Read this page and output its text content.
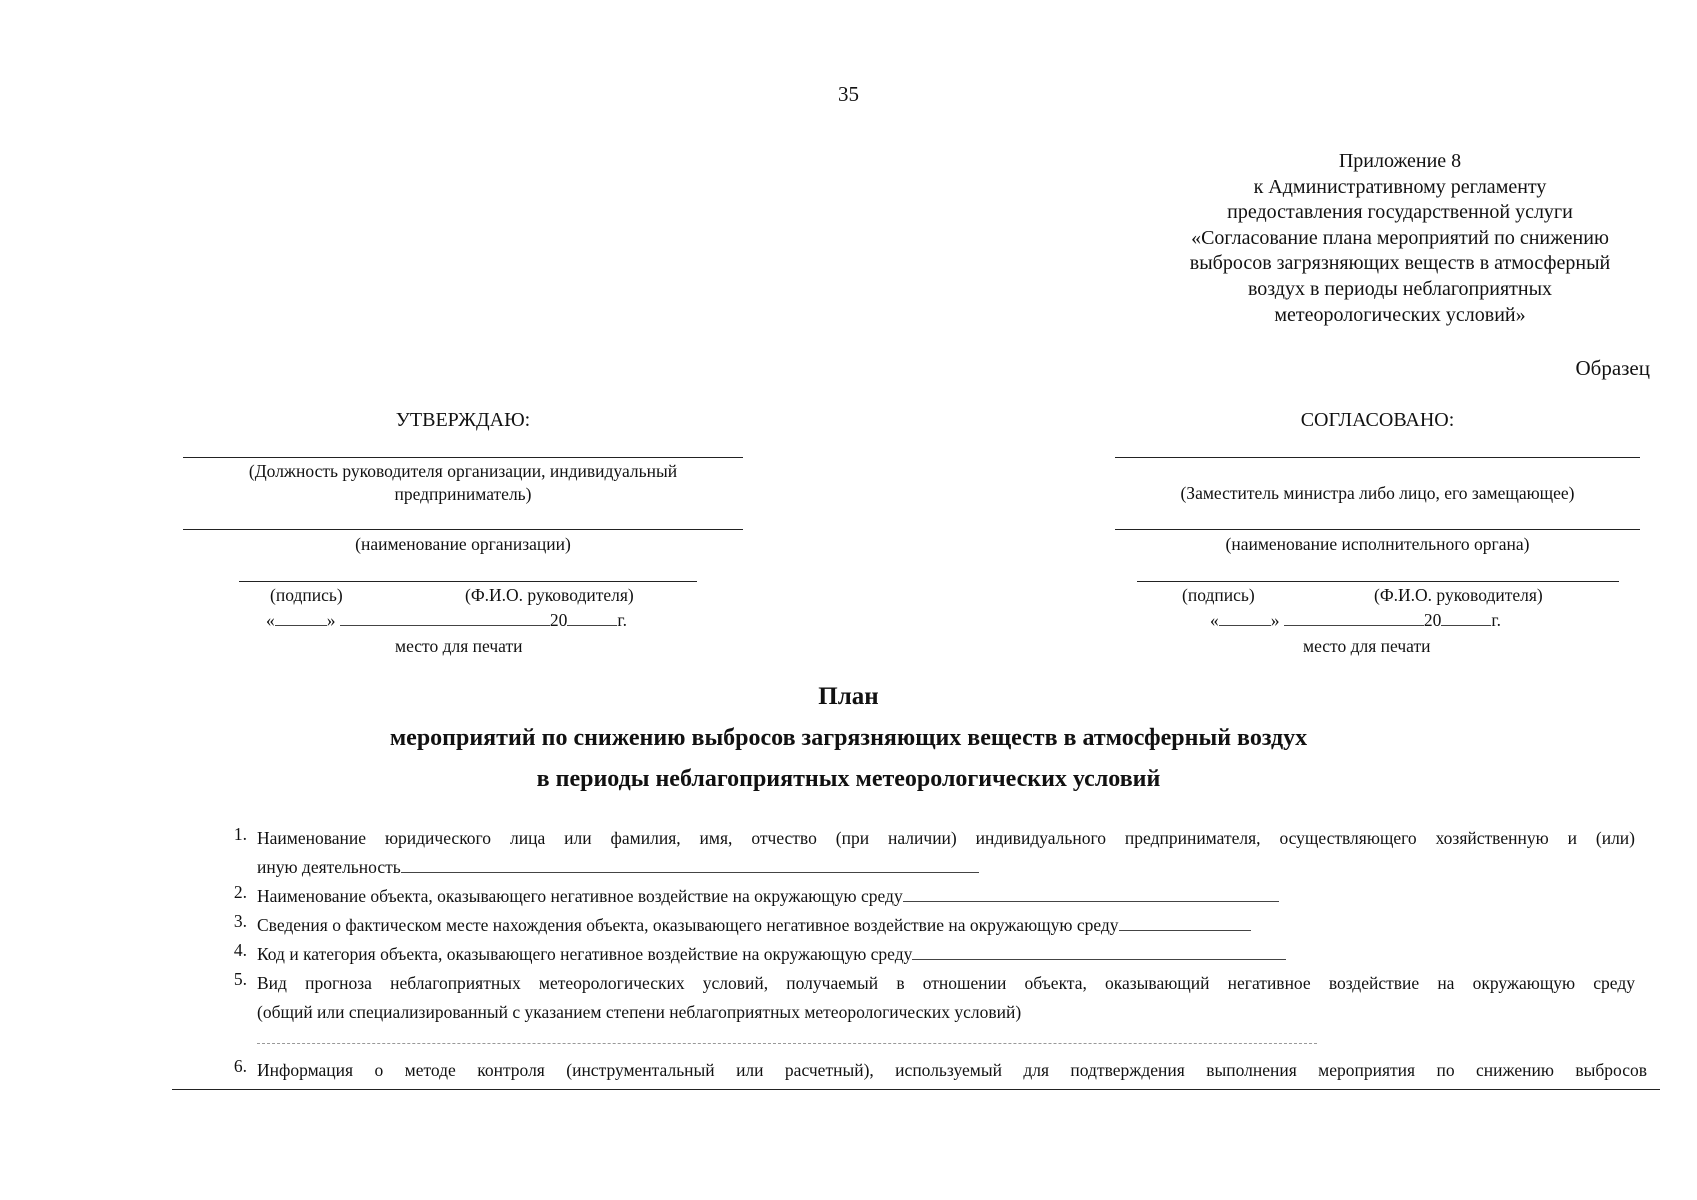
35
Приложение 8
к Административному регламенту
предоставления государственной услуги
«Согласование плана мероприятий по снижению
выбросов загрязняющих веществ в атмосферный
воздух в периоды неблагоприятных
метеорологических условий»
Образец
УТВЕРЖДАЮ:
(Должность руководителя организации, индивидуальный
предприниматель)
(наименование организации)
(подпись)	(Ф.И.О. руководителя)
«	»	20	г.
место для печати
СОГЛАСОВАНО:
(Заместитель министра либо лицо, его замещающее)
(наименование исполнительного органа)
(подпись)	(Ф.И.О. руководителя)
«	»	20	г.
место для печати
План
мероприятий по снижению выбросов загрязняющих веществ в атмосферный воздух
в периоды неблагоприятных метеорологических условий
1. Наименование юридического лица или фамилия, имя, отчество (при наличии) индивидуального предпринимателя, осуществляющего хозяйственную и (или)
иную деятельность
2. Наименование объекта, оказывающего негативное воздействие на окружающую среду
3. Сведения о фактическом месте нахождения объекта, оказывающего негативное воздействие на окружающую среду
4. Код и категория объекта, оказывающего негативное воздействие на окружающую среду
5. Вид прогноза неблагоприятных метеорологических условий, получаемый в отношении объекта, оказывающий негативное воздействие на окружающую среду
(общий или специализированный с указанием степени неблагоприятных метеорологических условий)
6. Информация о методе контроля (инструментальный или расчетный), используемый для подтверждения выполнения мероприятия по снижению выбросов
